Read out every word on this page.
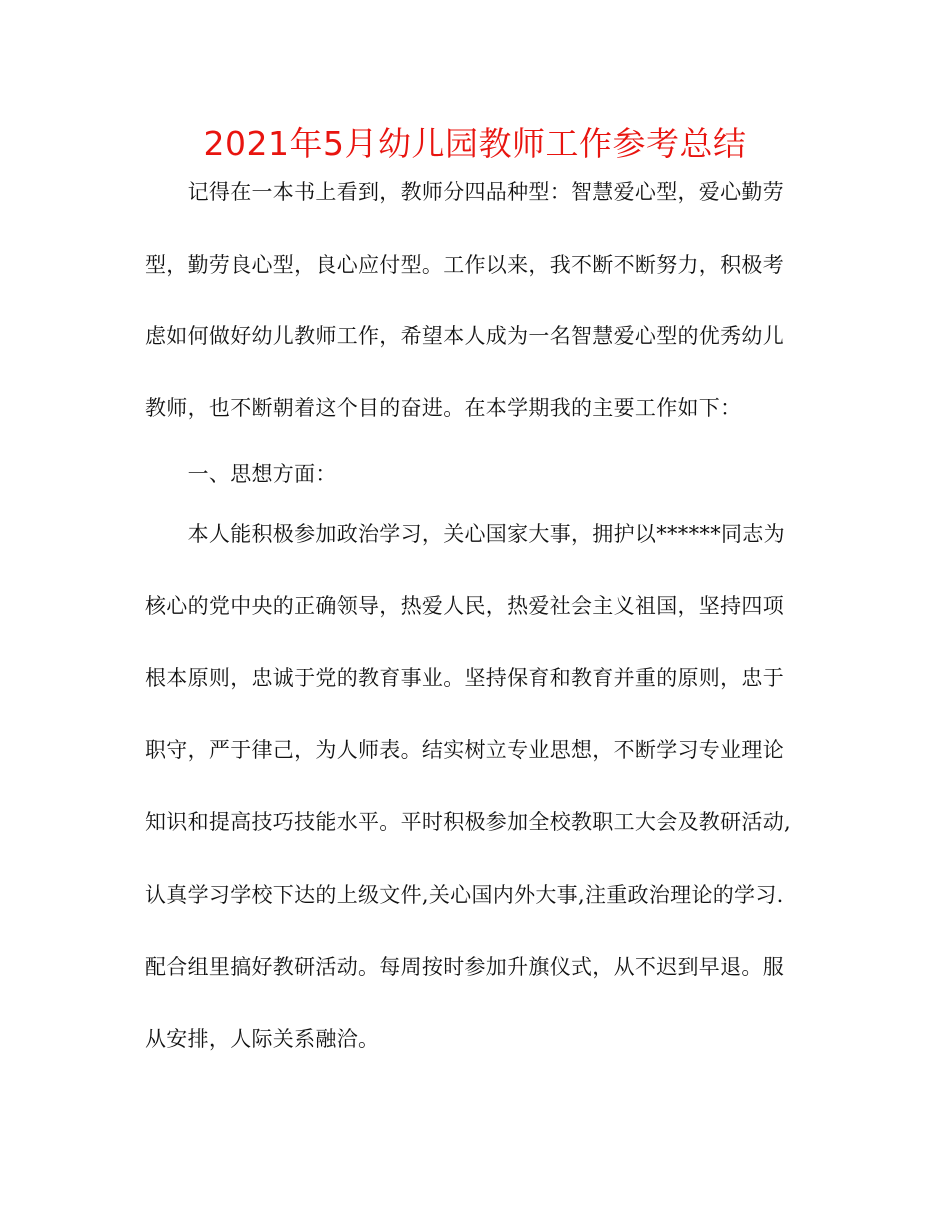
2021年5月幼儿园教师工作参考总结
　　记得在一本书上看到，教师分四品种型：智慧爱心型，爱心勤劳
型，勤劳良心型，良心应付型。工作以来，我不断不断努力，积极考
虑如何做好幼儿教师工作，希望本人成为一名智慧爱心型的优秀幼儿
教师，也不断朝着这个目的奋进。在本学期我的主要工作如下：
　　一、思想方面：
　　本人能积极参加政治学习，关心国家大事，拥护以******同志为
核心的党中央的正确领导，热爱人民，热爱社会主义祖国，坚持四项
根本原则，忠诚于党的教育事业。坚持保育和教育并重的原则，忠于
职守，严于律己，为人师表。结实树立专业思想，不断学习专业理论
知识和提高技巧技能水平。平时积极参加全校教职工大会及教研活动,
认真学习学校下达的上级文件,关心国内外大事,注重政治理论的学习.
配合组里搞好教研活动。每周按时参加升旗仪式，从不迟到早退。服
从安排，人际关系融洽。
